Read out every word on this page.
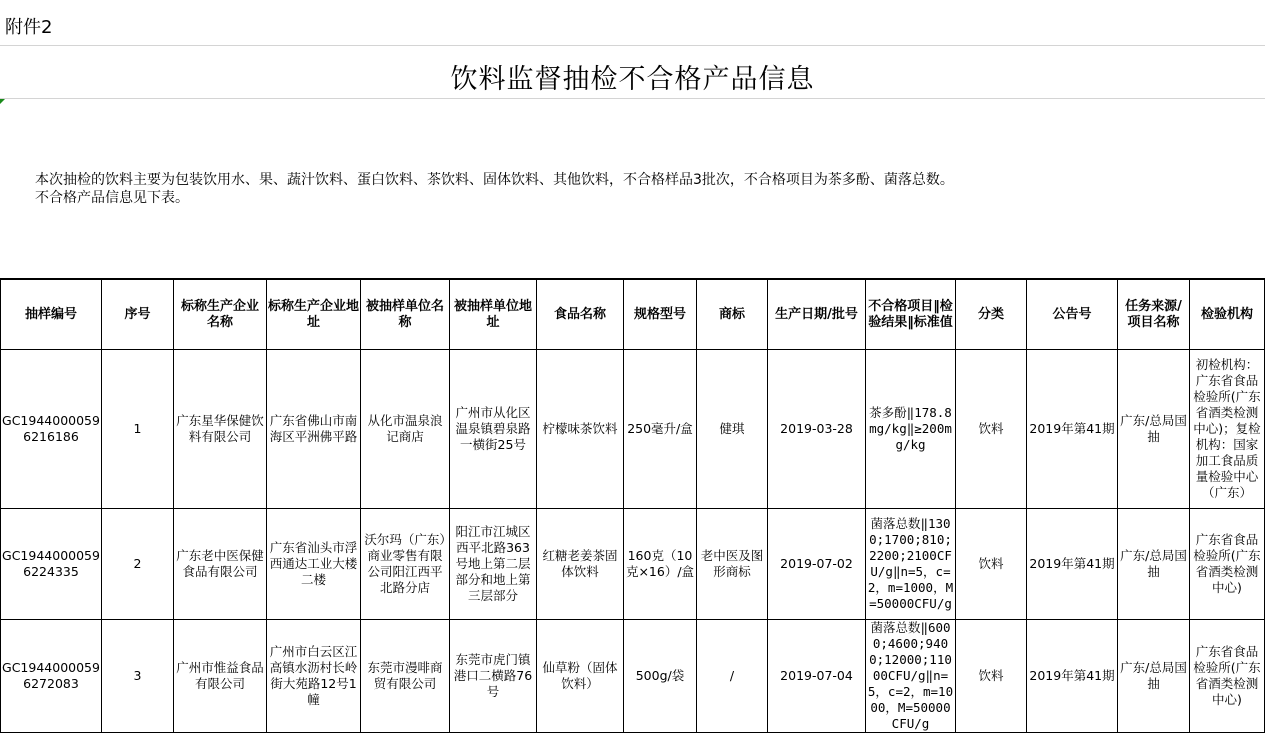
附件2
饮料监督抽检不合格产品信息
本次抽检的饮料主要为包装饮用水、果、蔬汁饮料、蛋白饮料、茶饮料、固体饮料、其他饮料，不合格样品3批次，不合格项目为茶多酚、菌落总数。
不合格产品信息见下表。
抽样编号	序号	标称生产企业名称	标称生产企业地址	被抽样单位名称	被抽样单位地址	食品名称	规格型号	商标	生产日期/批号	不合格项目‖检验结果‖标准值	分类	公告号	任务来源/项目名称	检验机构
GC19440000596216186	1	广东星华保健饮料有限公司	广东省佛山市南海区平洲佛平路	从化市温泉浪记商店	广州市从化区温泉镇碧泉路一横街25号	柠檬味茶饮料	250毫升/盒	健琪	2019-03-28	茶多酚‖178.8mg/kg‖≥200mg/kg	饮料	2019年第41期	广东/总局国抽	初检机构：广东省食品检验所(广东省酒类检测中心)；复检机构：国家加工食品质量检验中心（广东）
GC19440000596224335	2	广东老中医保健食品有限公司	广东省汕头市浮西通达工业大楼二楼	沃尔玛（广东）商业零售有限公司阳江西平北路分店	阳江市江城区西平北路363号地上第二层部分和地上第三层部分	红糖老姜茶固体饮料	160克（10克×16）/盒	老中医及图形商标	2019-07-02	菌落总数‖1300;1700;810;2200;2100CFU/g‖n=5，c=2，m=1000，M=50000CFU/g	饮料	2019年第41期	广东/总局国抽	广东省食品检验所(广东省酒类检测中心)
GC19440000596272083	3	广州市惟益食品有限公司	广州市白云区江高镇水沥村长岭街大苑路12号1幢	东莞市漫啡商贸有限公司	东莞市虎门镇港口二横路76号	仙草粉（固体饮料）	500g/袋	/	2019-07-04	菌落总数‖6000;4600;9400;12000;11000CFU/g‖n=5，c=2，m=1000，M=50000CFU/g	饮料	2019年第41期	广东/总局国抽	广东省食品检验所(广东省酒类检测中心)
